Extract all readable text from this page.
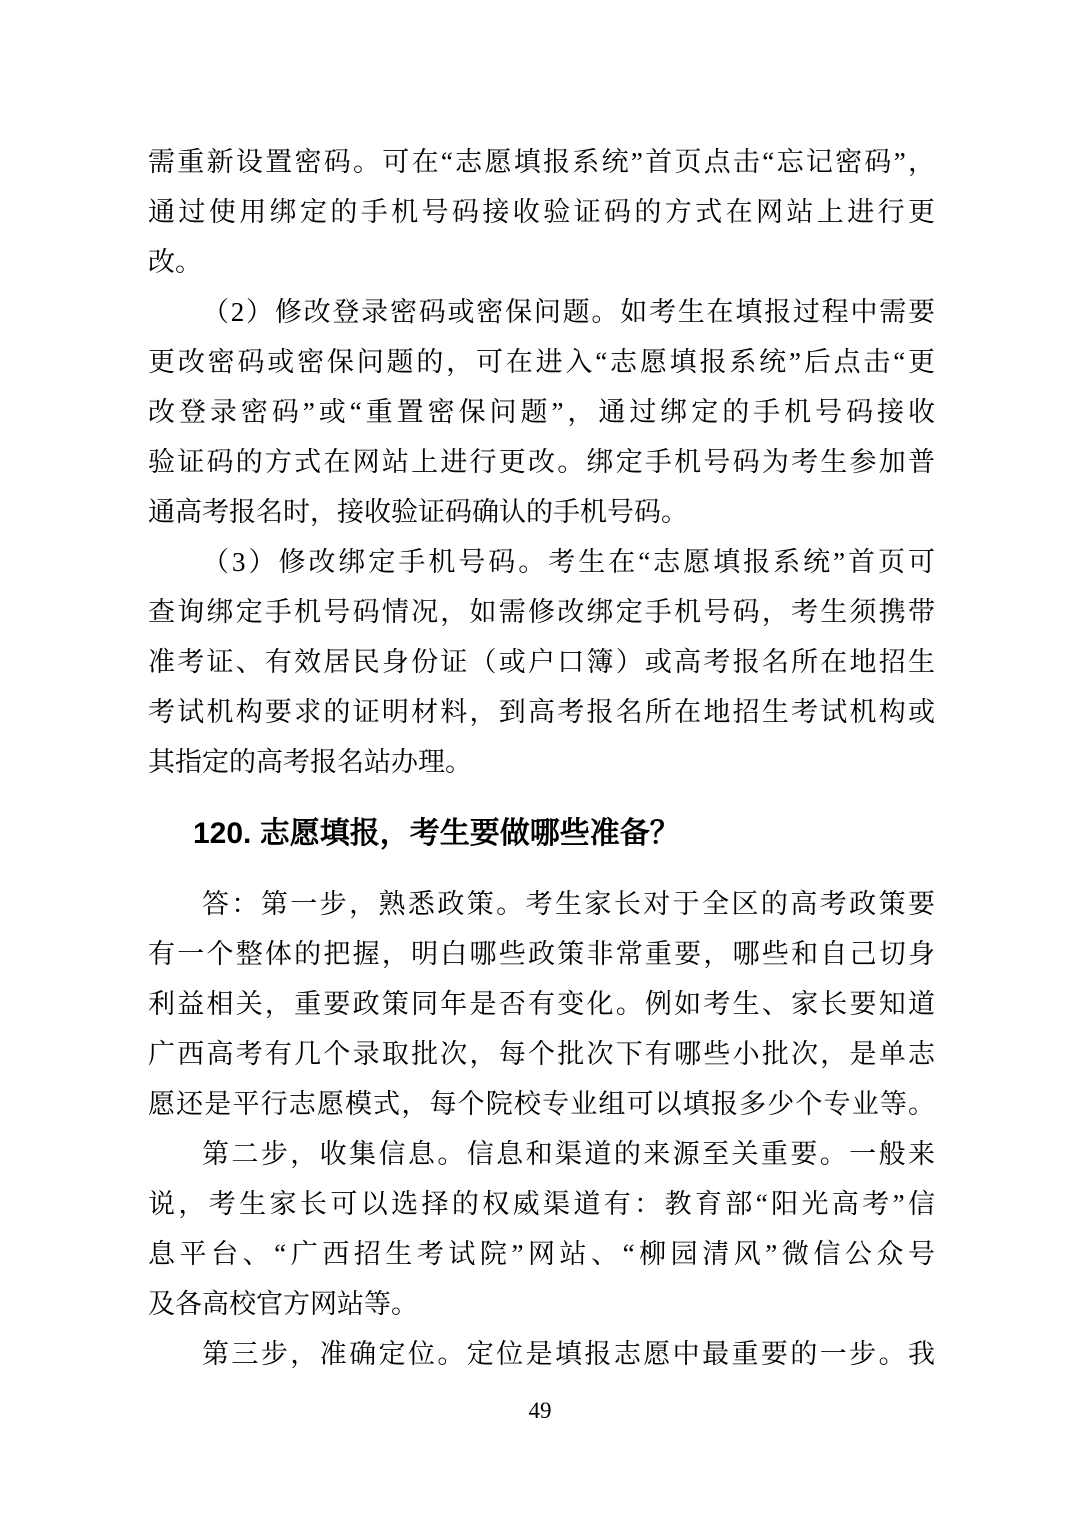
需重新设置密码。可在“志愿填报系统”首页点击“忘记密码”，
通过使用绑定的手机号码接收验证码的方式在网站上进行更
改。
（2）修改登录密码或密保问题。如考生在填报过程中需要
更改密码或密保问题的，可在进入“志愿填报系统”后点击“更
改登录密码”或“重置密保问题”，通过绑定的手机号码接收
验证码的方式在网站上进行更改。绑定手机号码为考生参加普
通高考报名时，接收验证码确认的手机号码。
（3）修改绑定手机号码。考生在“志愿填报系统”首页可
查询绑定手机号码情况，如需修改绑定手机号码，考生须携带
准考证、有效居民身份证（或户口簿）或高考报名所在地招生
考试机构要求的证明材料，到高考报名所在地招生考试机构或
其指定的高考报名站办理。
120. 志愿填报，考生要做哪些准备？
答：第一步，熟悉政策。考生家长对于全区的高考政策要
有一个整体的把握，明白哪些政策非常重要，哪些和自己切身
利益相关，重要政策同年是否有变化。例如考生、家长要知道
广西高考有几个录取批次，每个批次下有哪些小批次，是单志
愿还是平行志愿模式，每个院校专业组可以填报多少个专业等。
第二步，收集信息。信息和渠道的来源至关重要。一般来
说，考生家长可以选择的权威渠道有：教育部“阳光高考”信
息平台、“广西招生考试院”网站、“柳园清风”微信公众号
及各高校官方网站等。
第三步，准确定位。定位是填报志愿中最重要的一步。我
49
